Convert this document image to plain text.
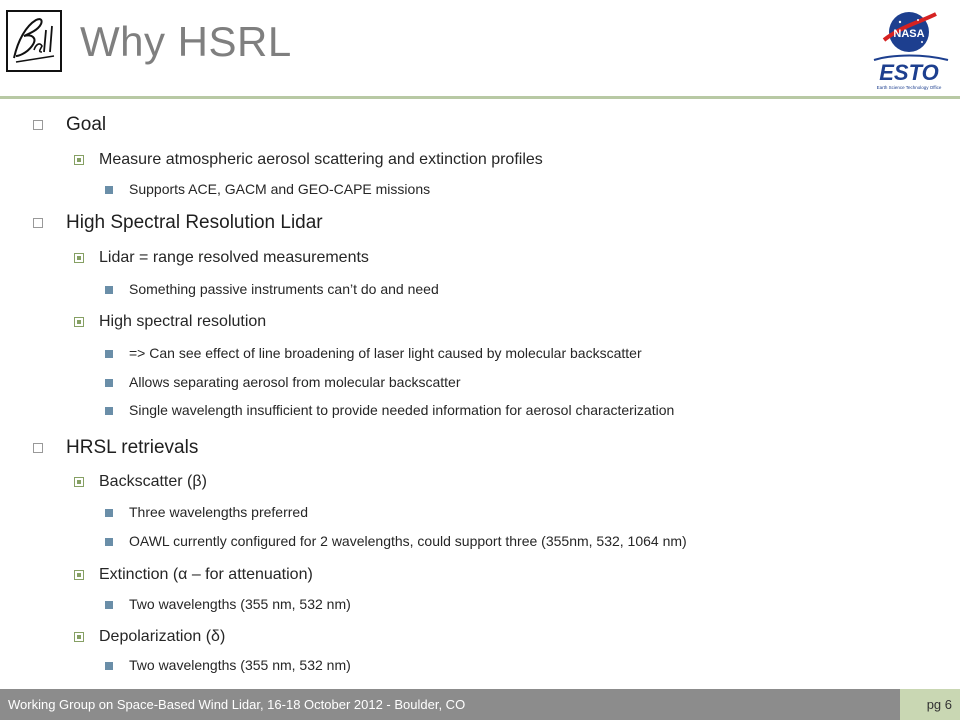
Why HSRL	NASA
ESTO
Earth Science Technology Office
Goal
Measure atmospheric aerosol scattering and extinction profiles
Supports ACE, GACM and GEO-CAPE missions
High Spectral Resolution Lidar
Lidar = range resolved measurements
Something passive instruments can’t do and need
High spectral resolution
=> Can see effect of line broadening of laser light caused by molecular backscatter
Allows separating aerosol from molecular backscatter
Single wavelength insufficient to provide needed information for aerosol characterization
HRSL retrievals
Backscatter (β)
Three wavelengths preferred
OAWL currently configured for 2 wavelengths, could support three (355nm, 532, 1064 nm)
Extinction (α – for attenuation)
Two wavelengths (355 nm, 532 nm)
Depolarization (δ)
Two wavelengths (355 nm, 532 nm)
Working Group on Space-Based Wind Lidar, 16-18 October 2012 - Boulder, CO	pg 6
